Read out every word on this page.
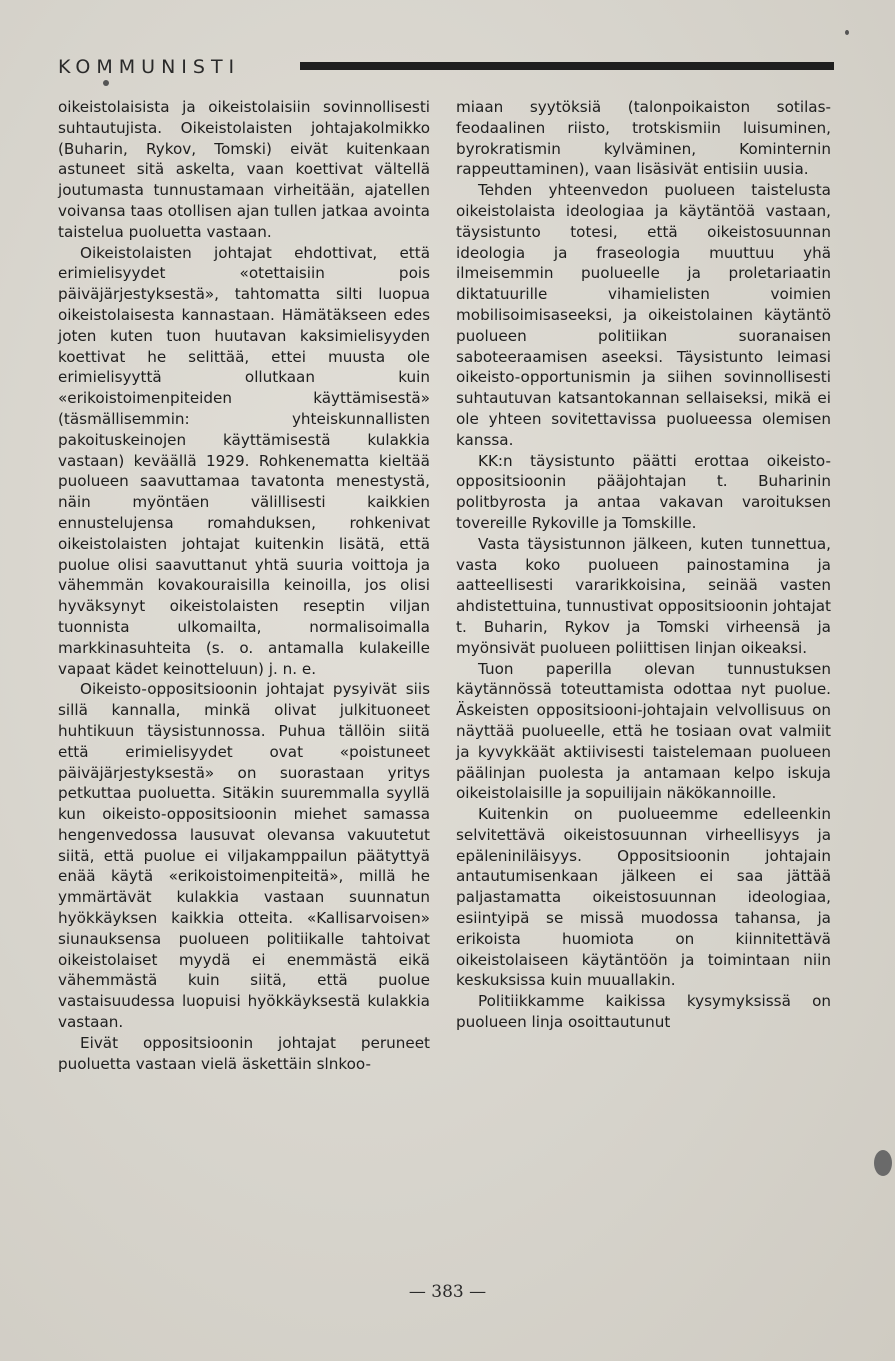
KOMMUNISTI

oikeistolaisista ja oikeistolaisiin sovinnollisesti suhtautujista. Oikeistolaisten johtajakolmikko (Buharin, Rykov, Tomski) eivät kuitenkaan astuneet sitä askelta, vaan koettivat vältellä joutumasta tunnustamaan virheitään, ajatellen voivansa taas otollisen ajan tullen jatkaa avointa taistelua puoluetta vastaan.

Oikeistolaisten johtajat ehdottivat, että erimielisyydet «otettaisiin pois päiväjärjestyksestä», tahtomatta silti luopua oikeistolaisesta kannastaan. Hämätäkseen edes joten kuten tuon huutavan kaksimielisyyden koettivat he selittää, ettei muusta ole erimielisyyttä ollutkaan kuin «erikoistoimenpiteiden käyttämisestä» (täsmällisemmin: yhteiskunnallisten pakoituskeinojen käyttämisestä kulakkia vastaan) keväällä 1929. Rohkenemattа kieltää puolueen saavuttamaa tavatonta menestystä, näin myöntäen välillisesti kaikkien ennustelujensa romahduksen, rohkenivat oikeistolaisten johtajat kuitenkin lisätä, että puolue olisi saavuttanut yhtä suuria voittoja ja vähemmän kovakouraisilla keinoilla, jos olisi hyväksynyt oikeistolaisten reseptin viljan tuonnista ulkomailta, normalisoimalla markkinasuhteita (s. o. antamalla kulakeille vapaat kädet keinotteluun) j. n. e.

Oikeisto-oppositsioonin johtajat pysyivät siis sillä kannalla, minkä olivat julkituoneet huhtikuun täysistunnossa. Puhua tällöin siitä että erimielisyydet ovat «poistuneet päiväjärjestyksestä» on suorastaan yritys petkuttaa puoluetta. Sitäkin suuremmalla syyllä kun oikeisto-oppositsioonin miehet samassa hengenvedossa lausuvat olevansa vakuutetut siitä, että puolue ei viljakamppailun päätyttyä enää käytä «erikoistoimenpiteitä», millä he ymmärtävät kulakkia vastaan suunnatun hyökkäyksen kaikkia otteita. «Kallisarvoisen» siunauksensa puolueen politiikalle tahtoivat oikeistolaiset myydä ei enemmästä eikä vähemmästä kuin siitä, että puolue vastaisuudessa luopuisi hyökkäyksestä kulakkia vastaan.

Eivät oppositsioonin johtajat peruneet puoluetta vastaan vielä äskettäin slnkoo-

miaan syytöksiä (talonpoikaiston sotilas-feodaalinen riisto, trotskismiin luisuminen, byrokratismin kylväminen, Kominternin rappeuttaminen), vaan lisäsivät entisiin uusia.

Tehden yhteenvedon puolueen taistelusta oikeistolaista ideologiaa ja käytäntöä vastaan, täysistunto totesi, että oikeistosuunnan ideologia ja fraseologia muuttuu yhä ilmeisemmin puolueelle ja proletariaatin diktatuurille vihamielisten voimien mobilisoimisaseeksi, ja oikeistolainen käytäntö puolueen politiikan suoranaisen saboteeraamisen aseeksi. Täysistunto leimasi oikeisto-opportunismin ja siihen sovinnollisesti suhtautuvan katsantokannan sellaiseksi, mikä ei ole yhteen sovitettavissa puolueessa olemisen kanssa.

KK:n täysistunto päätti erottaa oikeisto-oppositsioonin pääjohtajan t. Buharinin politbyrosta ja antaa vakavan varoituksen tovereille Rykoville ja Tomskille.

Vasta täysistunnon jälkeen, kuten tunnettua, vasta koko puolueen painostamina ja aatteellisesti vararikkoisina, seinää vasten ahdistettuina, tunnustivat oppositsioonin johtajat t. Buharin, Rykov ja Tomski virheensä ja myönsivät puolueen poliittisen linjan oikeaksi.

Tuon paperilla olevan tunnustuksen käytännössä toteuttamista odottaa nyt puolue. Äskeisten oppositsiooni-johtajain velvollisuus on näyttää puolueelle, että he tosiaan ovat valmiit ja kyvykkäät aktiivisesti taistelemaan puolueen päälinjan puolesta ja antamaan kelpo iskuja oikeistolaisille ja sopuilijain näkökannoille.

Kuitenkin on puolueemme edelleenkin selvitettävä oikeistosuunnan virheellisyys ja epäleniniläisyys. Oppositsioonin johtajain antautumisenkaan jälkeen ei saa jättää paljastamatta oikeistosuunnan ideologiaa, esiintyipä se missä muodossa tahansa, ja erikoista huomiota on kiinnitettävä oikeistolaiseen käytäntöön ja toimintaan niin keskuksissa kuin muuallakin.

Politiikkamme kaikissa kysymyksissä on puolueen linja osoittautunut

— 383 —
